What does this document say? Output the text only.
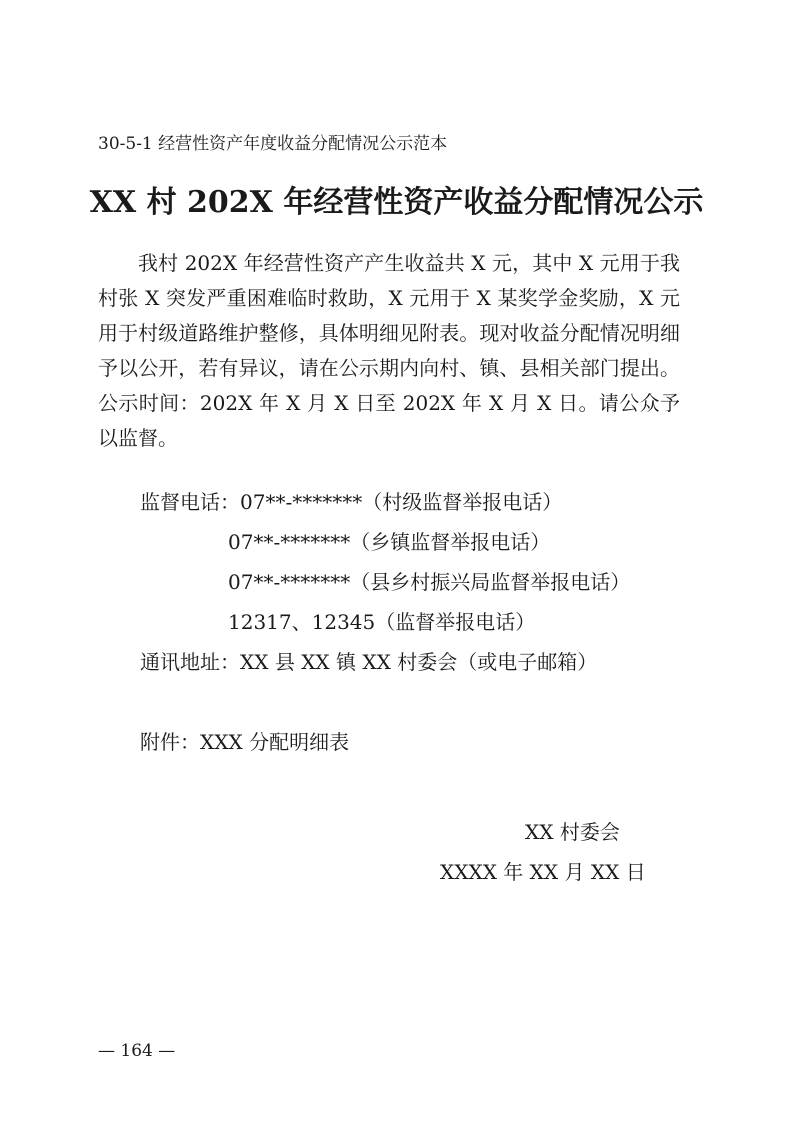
30-5-1 经营性资产年度收益分配情况公示范本
XX 村 202X 年经营性资产收益分配情况公示

我村 202X 年经营性资产产生收益共 X 元，其中 X 元用于我村张 X 突发严重困难临时救助，X 元用于 X 某奖学金奖励，X 元用于村级道路维护整修，具体明细见附表。现对收益分配情况明细予以公开，若有异议，请在公示期内向村、镇、县相关部门提出。公示时间：202X 年 X 月 X 日至 202X 年 X 月 X 日。请公众予以监督。

监督电话：07**-*******（村级监督举报电话）
07**-*******（乡镇监督举报电话）
07**-*******（县乡村振兴局监督举报电话）
12317、12345（监督举报电话）
通讯地址：XX 县 XX 镇 XX 村委会（或电子邮箱）
附件：XXX 分配明细表
XX 村委会
XXXX 年 XX 月 XX 日
— 164 —
